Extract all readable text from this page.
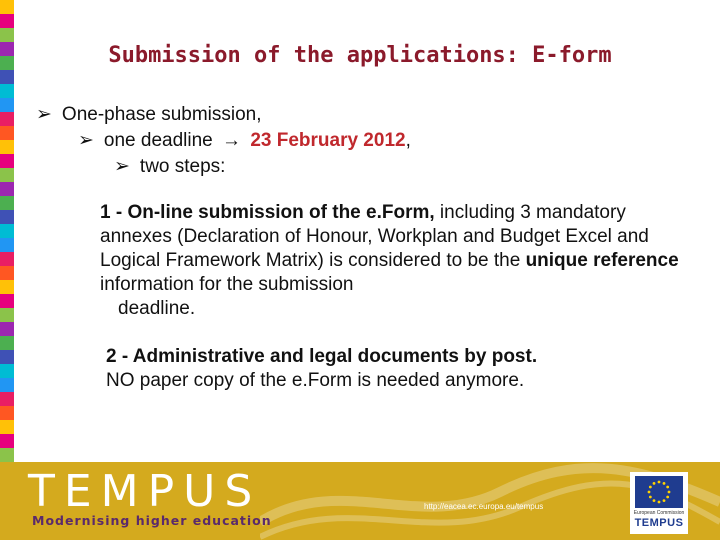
Submission of the applications: E-form
➢ One-phase submission,
➢ one deadline → 23 February 2012,
➢ two steps:
1 - On-line submission of the e.Form, including 3 mandatory annexes (Declaration of Honour, Workplan and Budget Excel and Logical Framework Matrix) is considered to be the unique reference information for the submission
deadline.
2 - Administrative and legal documents by post.
NO paper copy of the e.Form is needed anymore.
TEMPUS
Modernising higher education
http://eacea.ec.europa.eu/tempus
European Commission
TEMPUS
